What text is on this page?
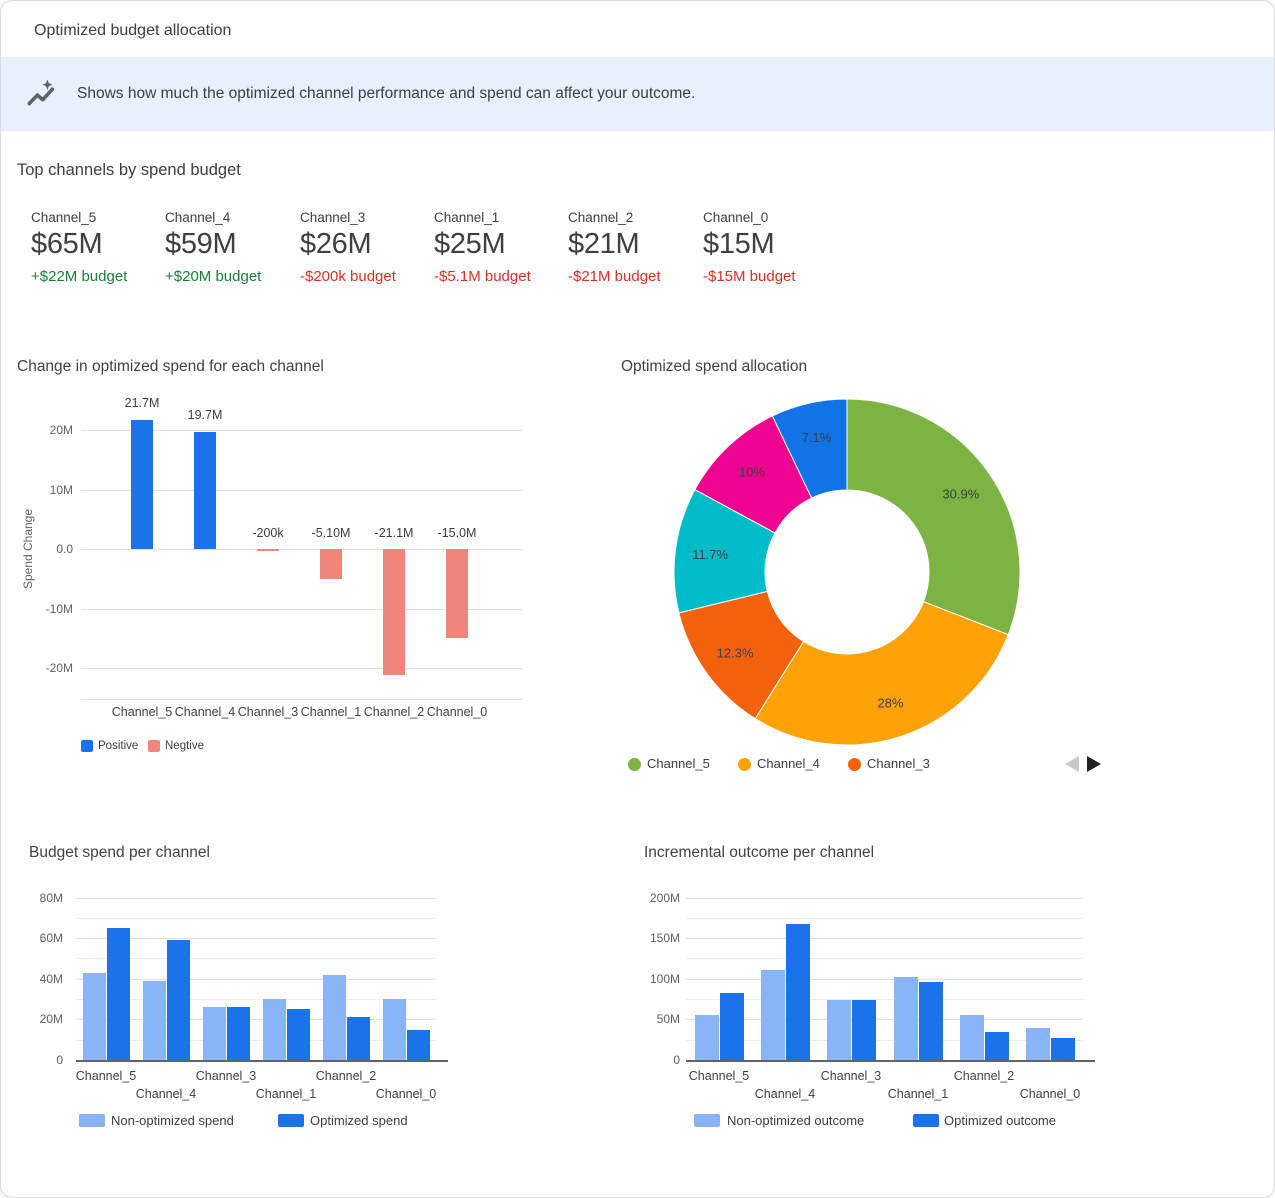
Optimized budget allocation
Shows how much the optimized channel performance and spend can affect your outcome.
Top channels by spend budget
Channel_5
$65M
+$22M budget
Channel_4
$59M
+$20M budget
Channel_3
$26M
-$200k budget
Channel_1
$25M
-$5.1M budget
Channel_2
$21M
-$21M budget
Channel_0
$15M
-$15M budget
Change in optimized spend for each channel
Spend Change
20M
10M
0.0
-10M
-20M
21.7M
Channel_5
19.7M
Channel_4
-200k
Channel_3
-5.10M
Channel_1
-21.1M
Channel_2
-15.0M
Channel_0
Positive Negtive
Optimized spend allocation
30.9%
28%
12.3%
11.7%
10%
7.1%
Channel_5	Channel_4	Channel_3
Budget spend per channel
0
20M
40M
60M
80M
Channel_5
Channel_4
Channel_3
Channel_1
Channel_2
Channel_0
Non-optimized spend	Optimized spend
Incremental outcome per channel
0
50M
100M
150M
200M
Channel_5
Channel_4
Channel_3
Channel_1
Channel_2
Channel_0
Non-optimized outcome	Optimized outcome
